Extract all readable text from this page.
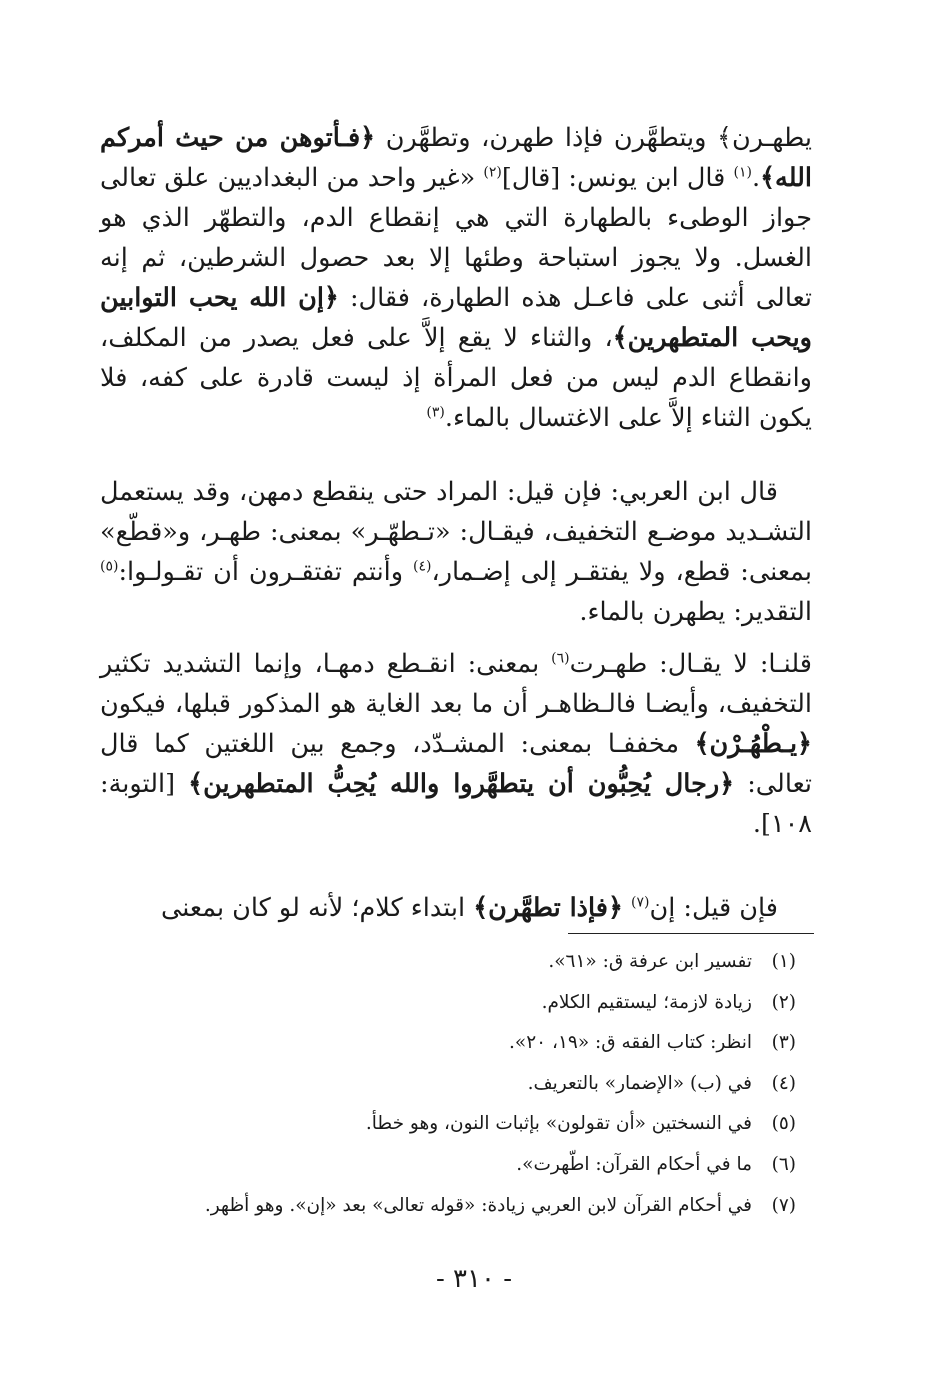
يطهـرن﴾ ويتطهَّرن فإذا طهرن، وتطهَّرن ﴿فـأتوهن من حيث أمركم الله﴾.$^{(١)}$ قال ابن يونس: [قال]$^{(٢)}$ «غير واحد من البغداديين علق تعالى جواز الوطىء بالطهارة التي هي إنقطاع الدم، والتطهّر الذي هو الغسل. ولا يجوز استباحة وطئها إلا بعد حصول الشرطين، ثم إنه تعالى أثنى على فاعـل هذه الطهارة، فقال: ﴿إن الله يحب التوابين ويحب المتطهرين﴾، والثناء لا يقع إلاَّ على فعل يصدر من المكلف، وانقطاع الدم ليس من فعل المرأة إذ ليست قادرة على كفه، فلا يكون الثناء إلاَّ على الاغتسال بالماء.$^{(٣)}$

قال ابن العربي: فإن قيل: المراد حتى ينقطع دمهن، وقد يستعمل التشـديد موضـع التخفيف، فيقـال: «تـطهّـر» بمعنى: طهـر، و«قطّع» بمعنى: قطع، ولا يفتقـر إلى إضـمار،$^{(٤)}$ وأنتم تفتقـرون أن تقـولـوا:$^{(٥)}$ التقدير: يطهرن بالماء.

قلنـا: لا يقـال: طهـرت$^{(٦)}$ بمعنى: انقـطع دمهـا، وإنما التشديد تكثير التخفيف، وأيضـا فالـظاهـر أن ما بعد الغاية هو المذكور قبلها، فيكون ﴿يـطْهُـرْن﴾ مخففـا بمعنى: المشـدّد، وجمع بين اللغتين كما قال تعالى: ﴿رجال يُحِبُّون أن يتطهَّروا والله يُحِبُّ المتطهرين﴾ [التوبة: ١٠٨].

فإن قيل: إن$^{(٧)}$ ﴿فإذا تطهَّرن﴾ ابتداء كلام؛ لأنه لو كان بمعنى

(١)تفسير ابن عرفة ق: «٦١».
(٢)زيادة لازمة؛ ليستقيم الكلام.
(٣)انظر: كتاب الفقه ق: «١٩، ٢٠».
(٤)في (ب) «الإضمار» بالتعريف.
(٥)في النسختين «أن تقولون» بإثبات النون، وهو خطأ.
(٦)ما في أحكام القرآن: اطّهرت».
(٧)في أحكام القرآن لابن العربي زيادة: «قوله تعالى» بعد «إن». وهو أظهر.
- ٣١٠ -
